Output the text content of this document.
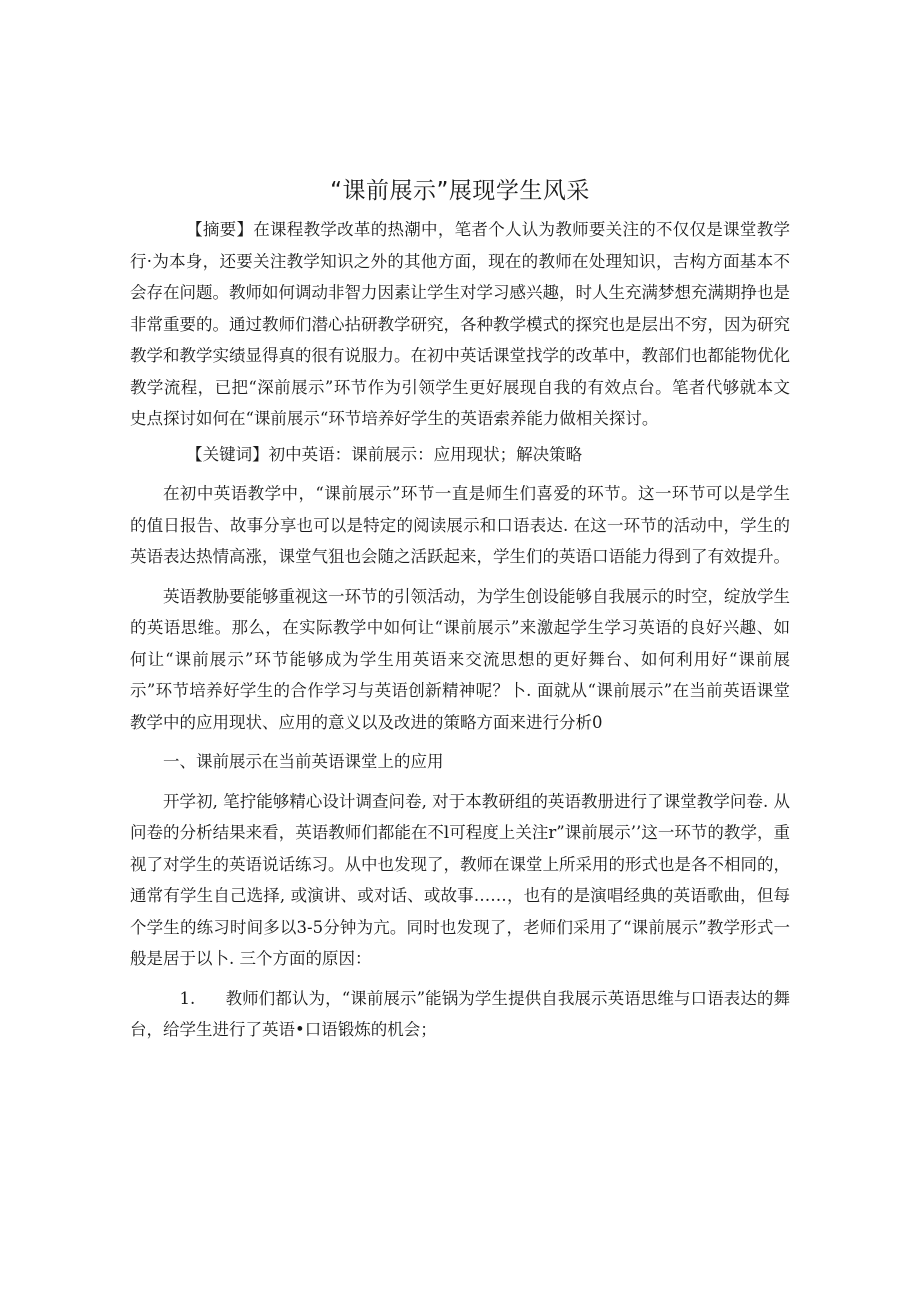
“课前展示”展现学生风采

【摘要】在课程教学改革的热潮中，笔者个人认为教师要关注的不仅仅是课堂教学行·为本身，还要关注教学知识之外的其他方面，现在的教师在处理知识，吉构方面基本不会存在问题。教师如何调动非智力因素让学生对学习感兴趣，时人生充满梦想充满期挣也是非常重要的。通过教师们潜心拈研教学研究，各种教学模式的探究也是层出不穷，因为研究教学和教学实绩显得真的很有说服力。在初中英话课堂找学的改革中，教部们也都能物优化教学流程，已把“深前展示”环节作为引领学生更好展现自我的有效点台。笔者代够就本文史点探讨如何在“课前展示“环节培养好学生的英语索养能力做相关探讨。

【关键词】初中英语：课前展示：应用现状；解决策略

在初中英语教学中，“课前展示”环节一直是师生们喜爱的环节。这一环节可以是学生的值日报告、故事分享也可以是特定的阅读展示和口语表达. 在这一环节的活动中，学生的英语表达热情高涨，课堂气狙也会随之活跃起来，学生们的英语口语能力得到了有效提升。

英语教胁要能够重视这一环节的引领活动，为学生创设能够自我展示的时空，绽放学生的英语思维。那么，在实际教学中如何让“课前展示”来激起学生学习英语的良好兴趣、如何让“课前展示”环节能够成为学生用英语来交流思想的更好舞台、如何利用好“课前展示”环节培养好学生的合作学习与英语创新精神呢？卜. 面就从“课前展示”在当前英语课堂教学中的应用现状、应用的意义以及改进的策略方面来进行分析0

一、课前展示在当前英语课堂上的应用

开学初, 笔拧能够精心设计调查问卷, 对于本教研组的英语教册进行了课堂教学问卷. 从问卷的分析结果来看，英语教师们都能在不l可程度上关注r”课前展示’’这一环节的教学，重视了对学生的英语说话练习。从中也发现了，教师在课堂上所采用的形式也是各不相同的，通常有学生自己选择, 或演讲、或对话、或故事……，也有的是演唱经典的英语歌曲，但每个学生的练习时间多以3-5分钟为亢。同时也发现了，老师们采用了“课前展示”教学形式一般是居于以卜. 三个方面的原因：

1. 教师们都认为，“课前展示”能锅为学生提供自我展示英语思维与口语表达的舞台，给学生进行了英语•口语锻炼的机会；
